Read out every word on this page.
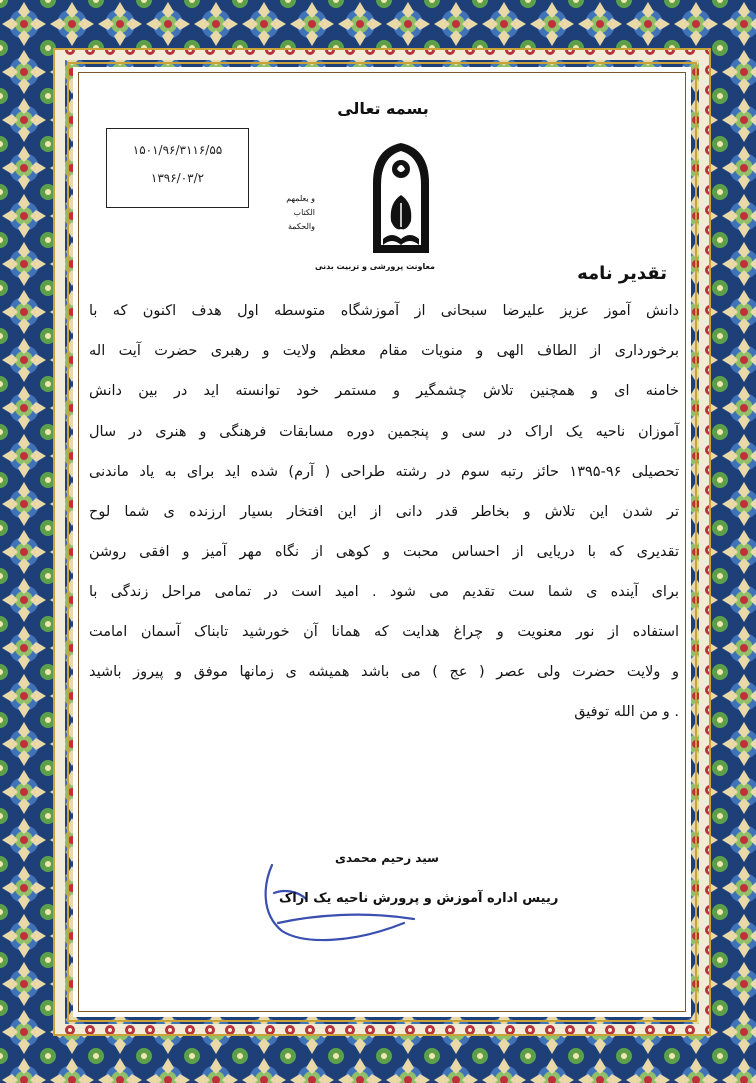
بسمه تعالی
۱۵۰۱/۹۶/۳۱۱۶/۵۵
۱۳۹۶/۰۳/۲
و يعلمهم
الكتاب
والحكمة
معاونت پرورشی و تربیت بدنی	تقدیر نامه
دانش آموز عزیز علیرضا سبحانی از آموزشگاه متوسطه اول هدف اکنون که با
برخورداری از الطاف الهی و منویات مقام معظم ولایت و رهبری حضرت آیت اله
خامنه ای و همچنین تلاش چشمگیر و مستمر خود توانسته اید در بین دانش
آموزان ناحیه یک اراک در سی و پنجمین دوره مسابقات فرهنگی و هنری در سال
تحصیلی ۹۶-۱۳۹۵ حائز رتبه سوم در رشته طراحی ( آرم) شده اید برای به یاد ماندنی
تر شدن این تلاش و بخاطر قدر دانی از این افتخار بسیار ارزنده ی شما لوح
تقدیری که با دریایی از احساس محبت و کوهی از نگاه مهر آمیز و افقی روشن
برای آینده ی شما ست تقدیم می شود . امید است در تمامی مراحل زندگی با
استفاده از نور معنویت و چراغ هدایت که همانا آن خورشید تابناک آسمان امامت
و ولایت حضرت ولی عصر ( عج ) می باشد همیشه ی زمانها موفق و پیروز باشید
. و من الله توفیق
سید رحیم محمدی
رییس اداره آموزش و پرورش ناحیه یک اراک
